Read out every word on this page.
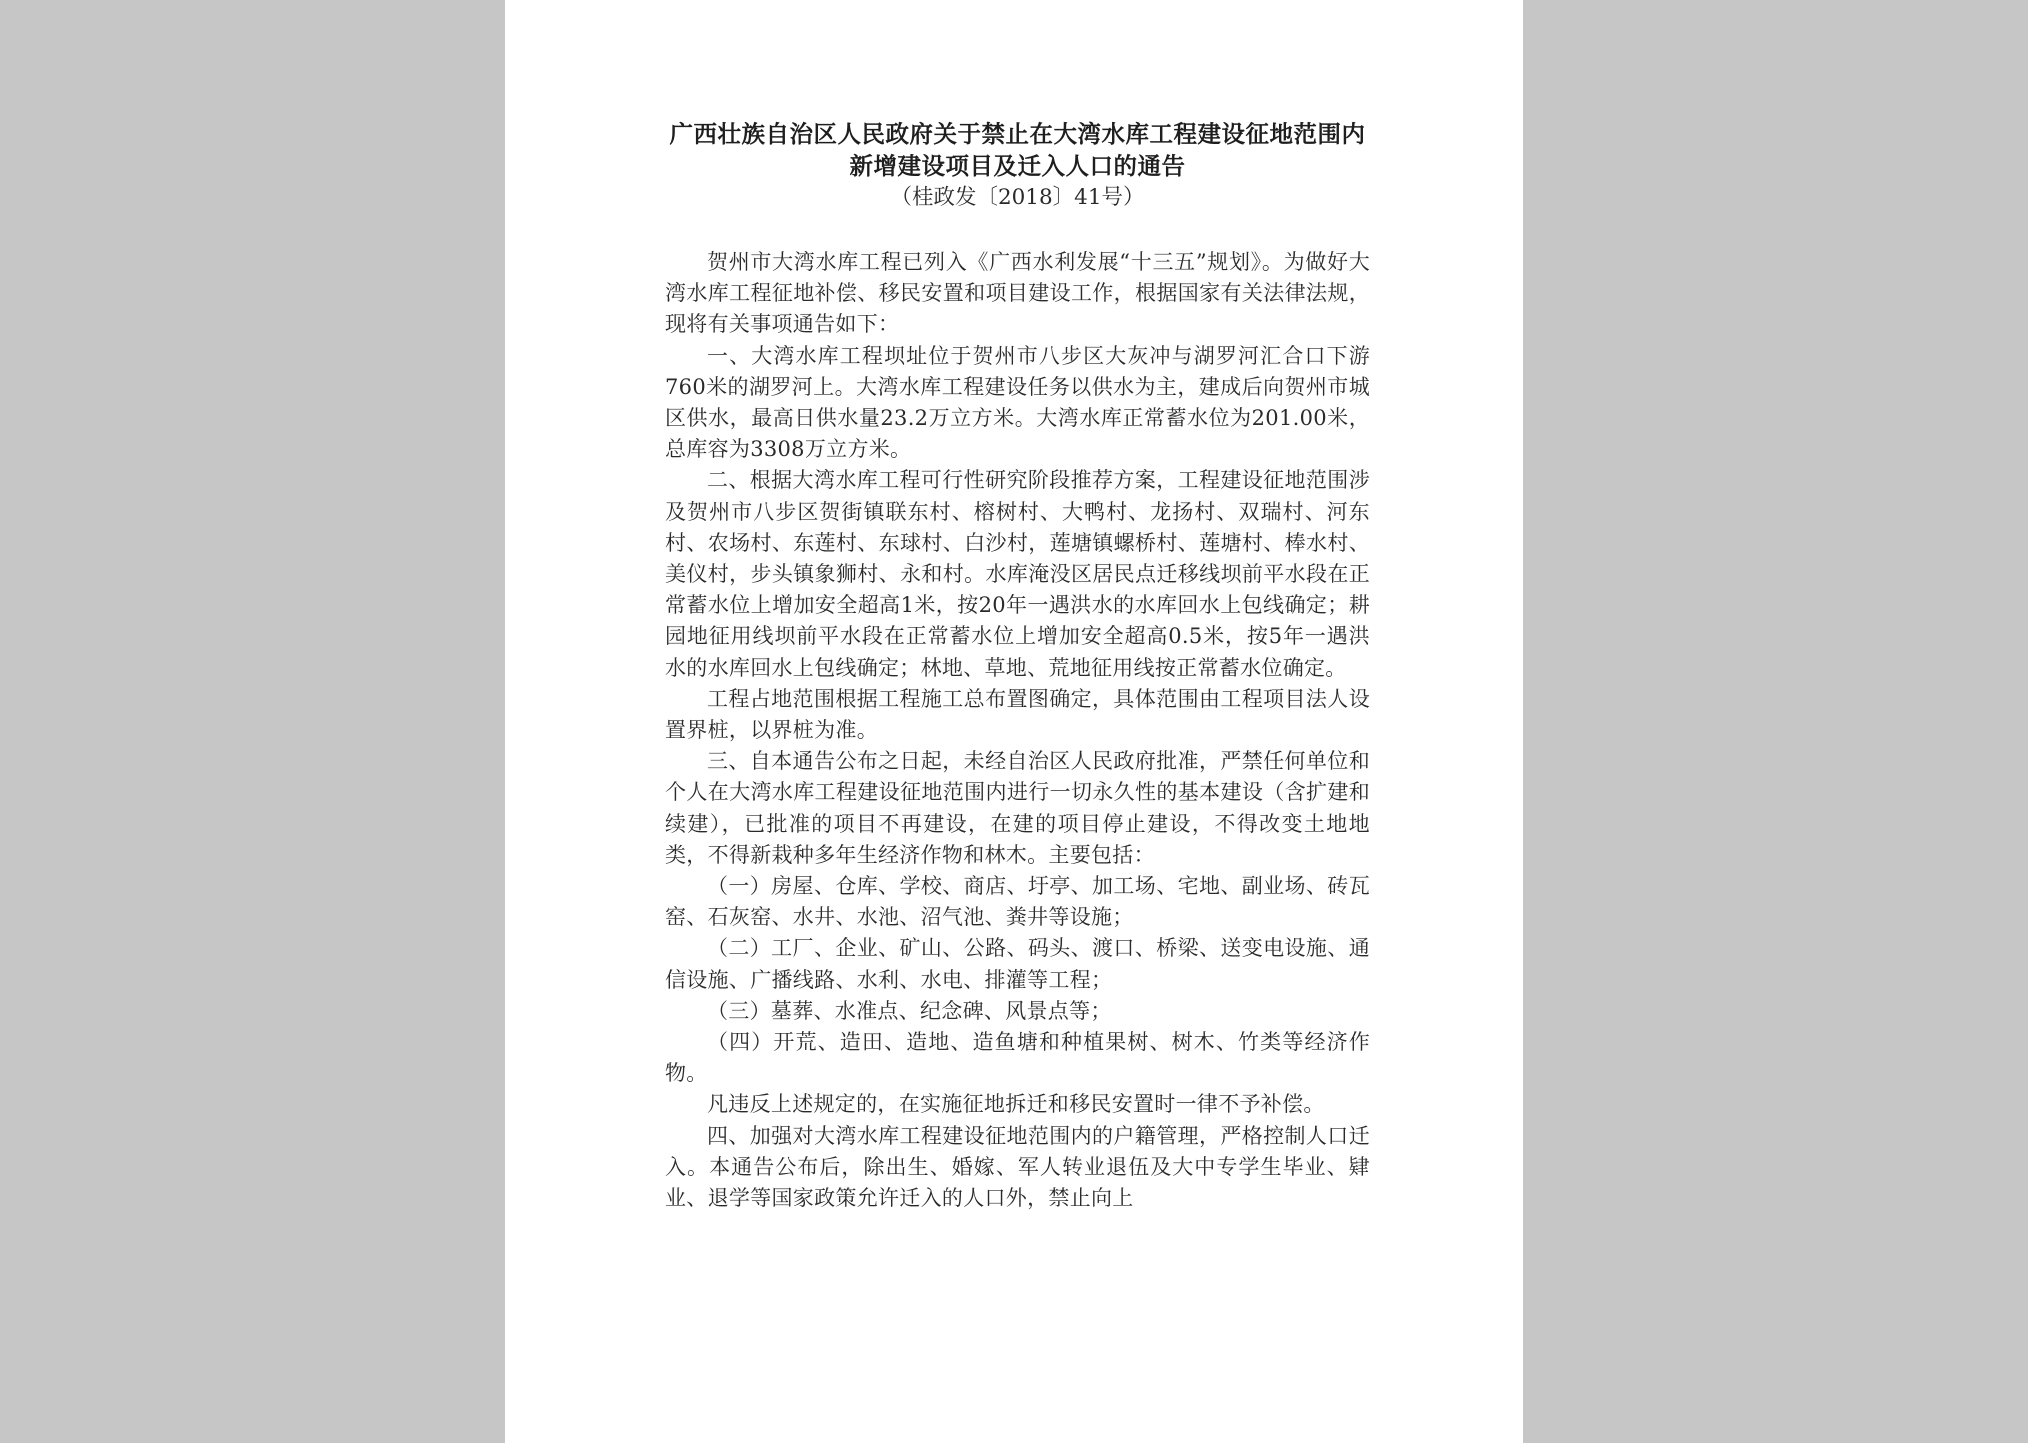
广西壮族自治区人民政府关于禁止在大湾水库工程建设征地范围内
新增建设项目及迁入人口的通告
（桂政发〔2018〕41号）

贺州市大湾水库工程已列入《广西水利发展“十三五”规划》。为做好大湾水库工程征地补偿、移民安置和项目建设工作，根据国家有关法律法规，现将有关事项通告如下：

一、大湾水库工程坝址位于贺州市八步区大灰冲与湖罗河汇合口下游760米的湖罗河上。大湾水库工程建设任务以供水为主，建成后向贺州市城区供水，最高日供水量23.2万立方米。大湾水库正常蓄水位为201.00米，总库容为3308万立方米。

二、根据大湾水库工程可行性研究阶段推荐方案，工程建设征地范围涉及贺州市八步区贺街镇联东村、榕树村、大鸭村、龙扬村、双瑞村、河东村、农场村、东莲村、东球村、白沙村，莲塘镇螺桥村、莲塘村、棒水村、美仪村，步头镇象狮村、永和村。水库淹没区居民点迁移线坝前平水段在正常蓄水位上增加安全超高1米，按20年一遇洪水的水库回水上包线确定；耕园地征用线坝前平水段在正常蓄水位上增加安全超高0.5米，按5年一遇洪水的水库回水上包线确定；林地、草地、荒地征用线按正常蓄水位确定。

工程占地范围根据工程施工总布置图确定，具体范围由工程项目法人设置界桩，以界桩为准。

三、自本通告公布之日起，未经自治区人民政府批准，严禁任何单位和个人在大湾水库工程建设征地范围内进行一切永久性的基本建设（含扩建和续建），已批准的项目不再建设，在建的项目停止建设，不得改变土地地类，不得新栽种多年生经济作物和林木。主要包括：

（一）房屋、仓库、学校、商店、圩亭、加工场、宅地、副业场、砖瓦窑、石灰窑、水井、水池、沼气池、粪井等设施；

（二）工厂、企业、矿山、公路、码头、渡口、桥梁、送变电设施、通信设施、广播线路、水利、水电、排灌等工程；

（三）墓葬、水准点、纪念碑、风景点等；

（四）开荒、造田、造地、造鱼塘和种植果树、树木、竹类等经济作物。

凡违反上述规定的，在实施征地拆迁和移民安置时一律不予补偿。

四、加强对大湾水库工程建设征地范围内的户籍管理，严格控制人口迁入。本通告公布后，除出生、婚嫁、军人转业退伍及大中专学生毕业、肄业、退学等国家政策允许迁入的人口外，禁止向上
